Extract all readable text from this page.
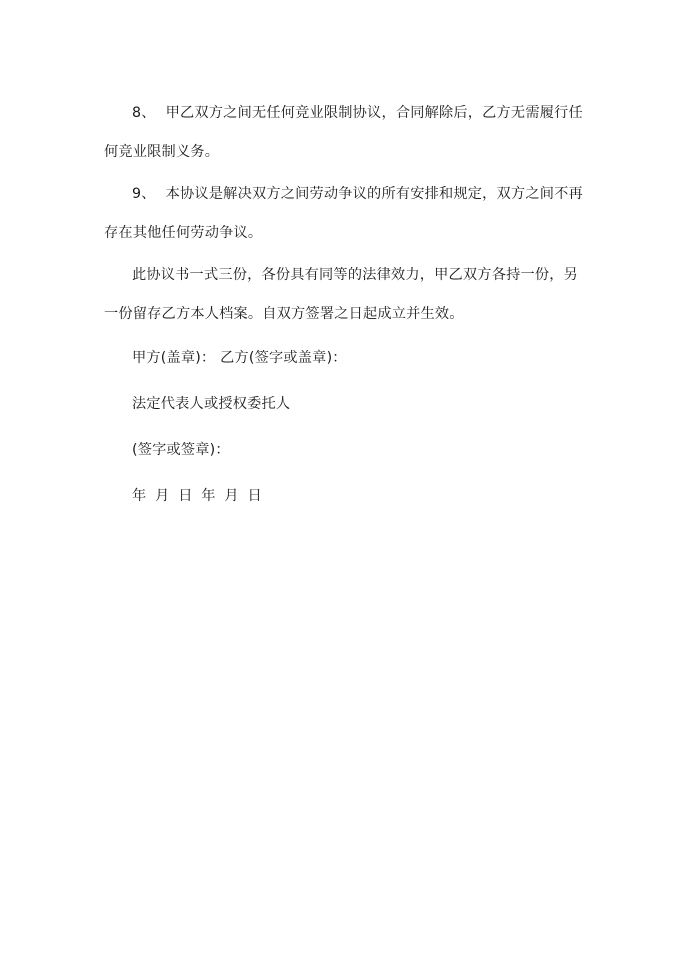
8、 甲乙双方之间无任何竞业限制协议，合同解除后，乙方无需履行任何竞业限制义务。

9、 本协议是解决双方之间劳动争议的所有安排和规定，双方之间不再存在其他任何劳动争议。

此协议书一式三份，各份具有同等的法律效力，甲乙双方各持一份，另一份留存乙方本人档案。自双方签署之日起成立并生效。

甲方(盖章)： 乙方(签字或盖章)：

法定代表人或授权委托人

(签字或签章)：

年 月 日 年 月 日
